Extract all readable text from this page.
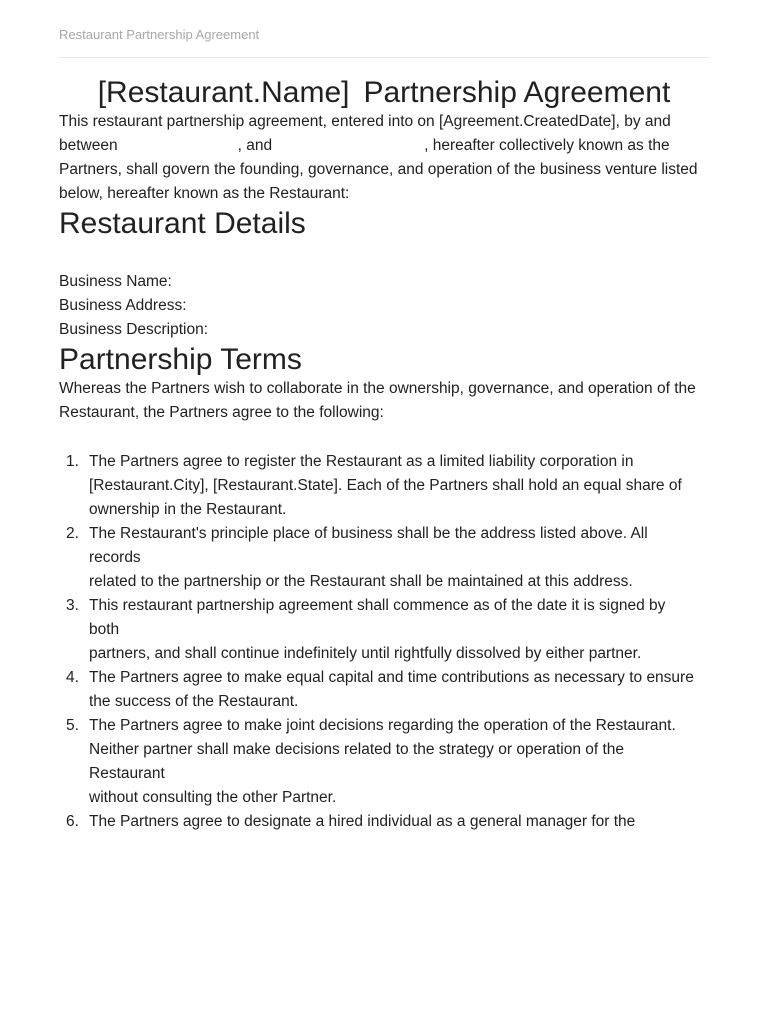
Restaurant Partnership Agreement
[Restaurant.Name] Partnership Agreement

This restaurant partnership agreement, entered into on [Agreement.CreatedDate], by and
between	, and	, hereafter collectively known as the
Partners, shall govern the founding, governance, and operation of the business venture listed
below, hereafter known as the Restaurant:

Restaurant Details

Business Name:

Business Address:

Business Description:

Partnership Terms

Whereas the Partners wish to collaborate in the ownership, governance, and operation of the
Restaurant, the Partners agree to the following:

The Partners agree to register the Restaurant as a limited liability corporation in
[Restaurant.City], [Restaurant.State]. Each of the Partners shall hold an equal share of
ownership in the Restaurant.
The Restaurant's principle place of business shall be the address listed above. All records
related to the partnership or the Restaurant shall be maintained at this address.
This restaurant partnership agreement shall commence as of the date it is signed by both
partners, and shall continue indefinitely until rightfully dissolved by either partner.
The Partners agree to make equal capital and time contributions as necessary to ensure
the success of the Restaurant.
The Partners agree to make joint decisions regarding the operation of the Restaurant.
Neither partner shall make decisions related to the strategy or operation of the Restaurant
without consulting the other Partner.
The Partners agree to designate a hired individual as a general manager for the
